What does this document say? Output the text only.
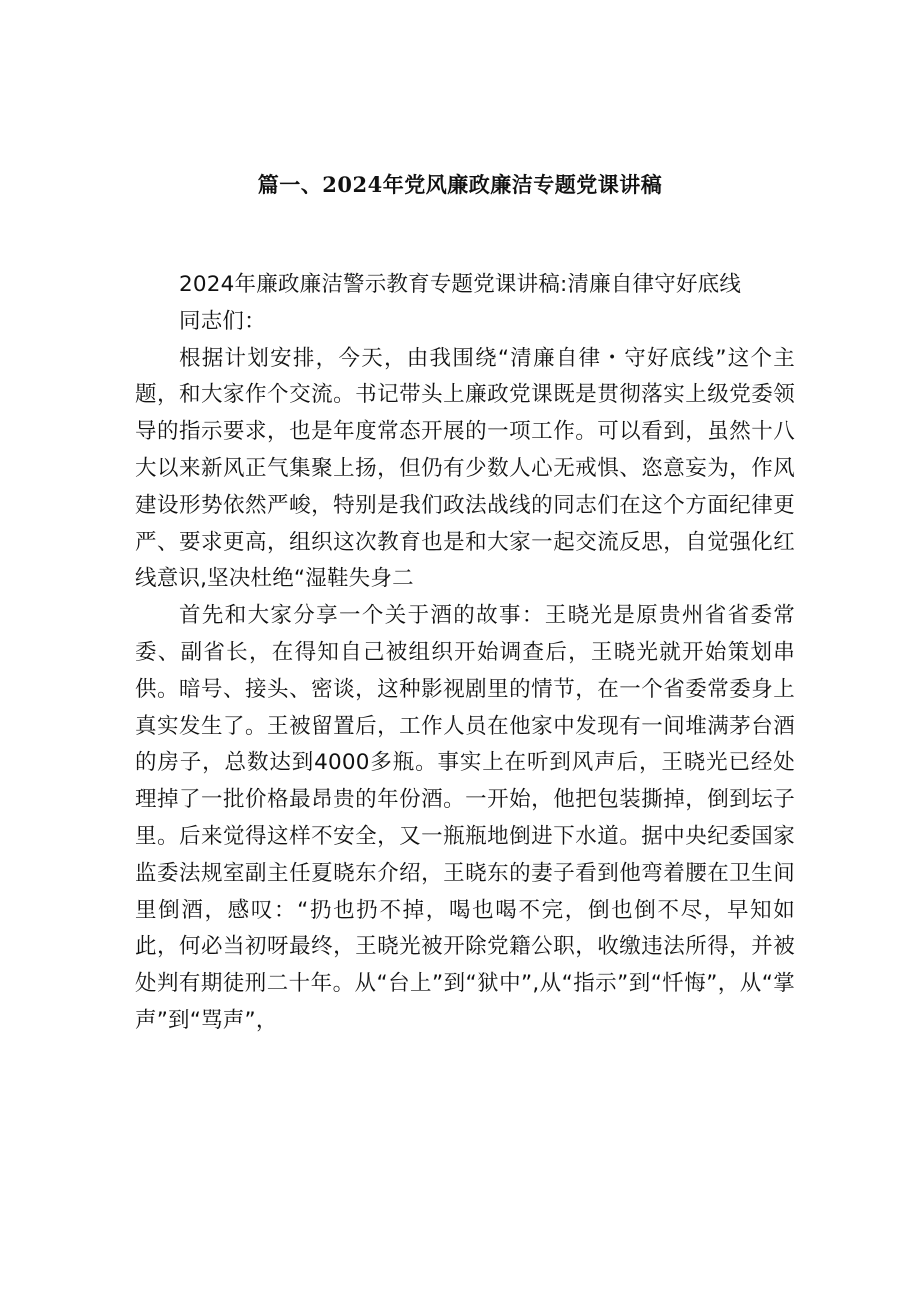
篇一、2024年党风廉政廉洁专题党课讲稿

2024年廉政廉洁警示教育专题党课讲稿:清廉自律守好底线

同志们：

根据计划安排，今天，由我围绕“清廉自律・守好底线”这个主题，和大家作个交流。书记带头上廉政党课既是贯彻落实上级党委领导的指示要求，也是年度常态开展的一项工作。可以看到，虽然十八大以来新风正气集聚上扬，但仍有少数人心无戒惧、恣意妄为，作风建设形势依然严峻，特别是我们政法战线的同志们在这个方面纪律更严、要求更高，组织这次教育也是和大家一起交流反思，自觉强化红线意识,坚决杜绝“湿鞋失身二

首先和大家分享一个关于酒的故事：王晓光是原贵州省省委常委、副省长，在得知自己被组织开始调查后，王晓光就开始策划串供。暗号、接头、密谈，这种影视剧里的情节，在一个省委常委身上真实发生了。王被留置后，工作人员在他家中发现有一间堆满茅台酒的房子，总数达到4000多瓶。事实上在听到风声后，王晓光已经处理掉了一批价格最昂贵的年份酒。一开始，他把包装撕掉，倒到坛子里。后来觉得这样不安全，又一瓶瓶地倒进下水道。据中央纪委国家监委法规室副主任夏晓东介绍，王晓东的妻子看到他弯着腰在卫生间里倒酒，感叹：“扔也扔不掉，喝也喝不完，倒也倒不尽，早知如此，何必当初呀最终，王晓光被开除党籍公职，收缴违法所得，并被处判有期徒刑二十年。从“台上”到“狱中”,从“指示”到“忏悔”，从“掌声”到“骂声”，
